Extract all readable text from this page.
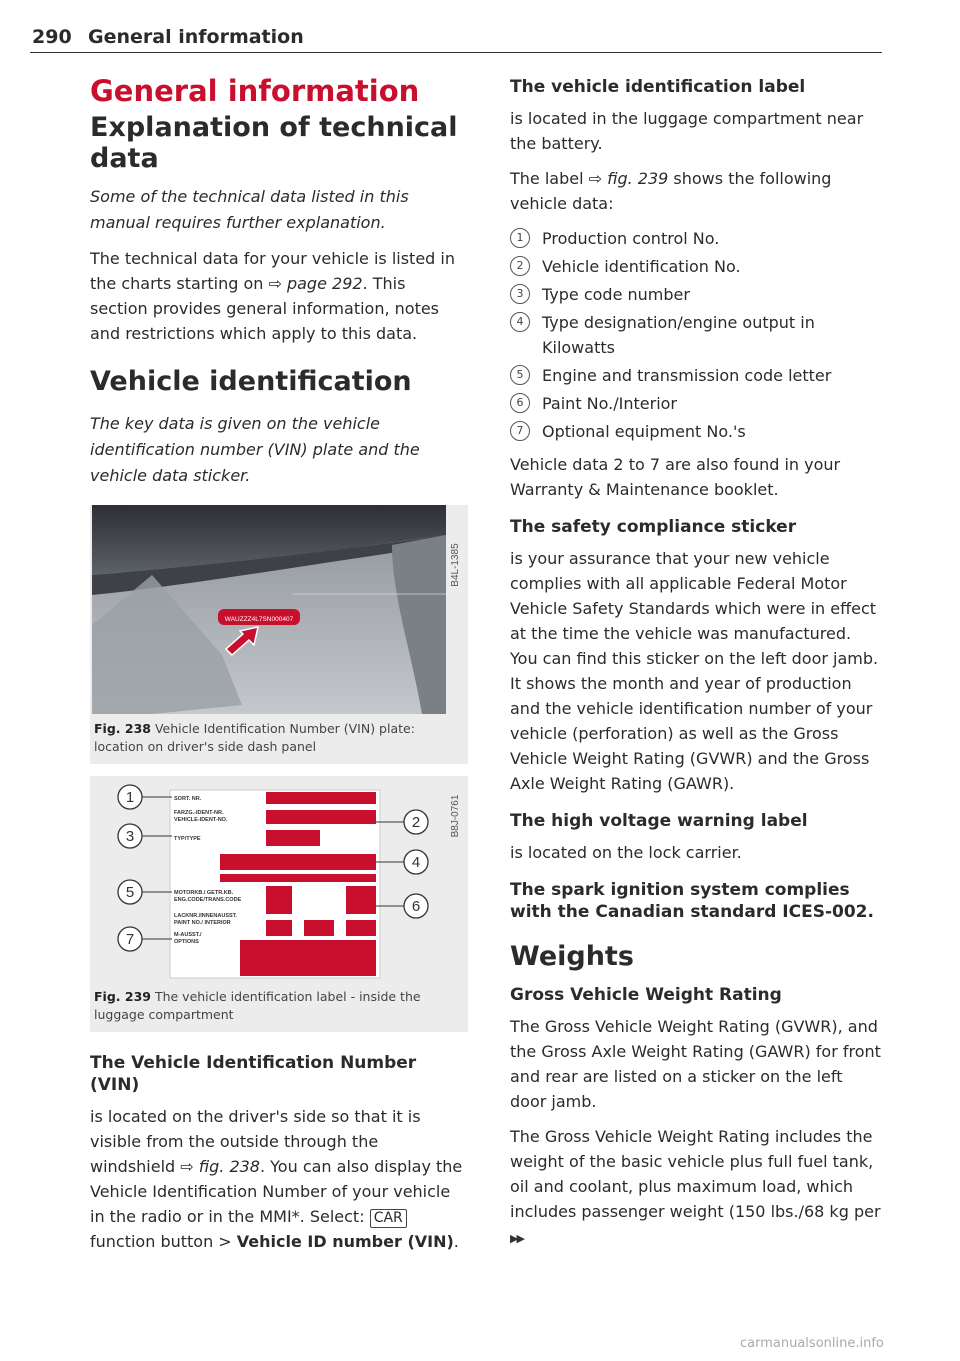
290 General information
General information
Explanation of technical data

Some of the technical data listed in this manual requires further explanation.

The technical data for your vehicle is listed in the charts starting on ⇨ page 292. This section provides general information, notes and restrictions which apply to this data.

Vehicle identification

The key data is given on the vehicle identification number (VIN) plate and the vehicle data sticker.

WAUZZZ4L7SN000407
B4L-1385
Fig. 238 Vehicle Identification Number (VIN) plate: location on driver's side dash panel
SORT. NR.
FARZG.-IDENT-NR.
VEHICLE-IDENT-NO.
TYP/TYPE
MOTORKB./ GETR.KB.
ENG.CODE/TRANS.CODE
LACKNR./INNENAUSST.
PAINT NO./ INTERIOR
M-AUSST./
OPTIONS
1
2
3
4
5
6
7
B8J-0761
Fig. 239 The vehicle identification label - inside the luggage compartment
The Vehicle Identification Number (VIN)

is located on the driver's side so that it is visible from the outside through the windshield ⇨ fig. 238. You can also display the Vehicle Identification Number of your vehicle in the radio or in the MMI*. Select: CAR function button > Vehicle ID number (VIN).

The vehicle identification label

is located in the luggage compartment near the battery.

The label ⇨ fig. 239 shows the following vehicle data:

1	Production control No.
2	Vehicle identification No.
3	Type code number
4	Type designation/engine output in Kilowatts
5	Engine and transmission code letter
6	Paint No./Interior
7	Optional equipment No.'s

Vehicle data 2 to 7 are also found in your Warranty & Maintenance booklet.

The safety compliance sticker

is your assurance that your new vehicle complies with all applicable Federal Motor Vehicle Safety Standards which were in effect at the time the vehicle was manufactured. You can find this sticker on the left door jamb. It shows the month and year of production and the vehicle identification number of your vehicle (perforation) as well as the Gross Vehicle Weight Rating (GVWR) and the Gross Axle Weight Rating (GAWR).

The high voltage warning label

is located on the lock carrier.

The spark ignition system complies with the Canadian standard ICES-002.
Weights
Gross Vehicle Weight Rating

The Gross Vehicle Weight Rating (GVWR), and the Gross Axle Weight Rating (GAWR) for front and rear are listed on a sticker on the left door jamb.

The Gross Vehicle Weight Rating includes the weight of the basic vehicle plus full fuel tank, oil and coolant, plus maximum load, which includes passenger weight (150 lbs./68 kg per ▶▶

carmanualsonline.info
